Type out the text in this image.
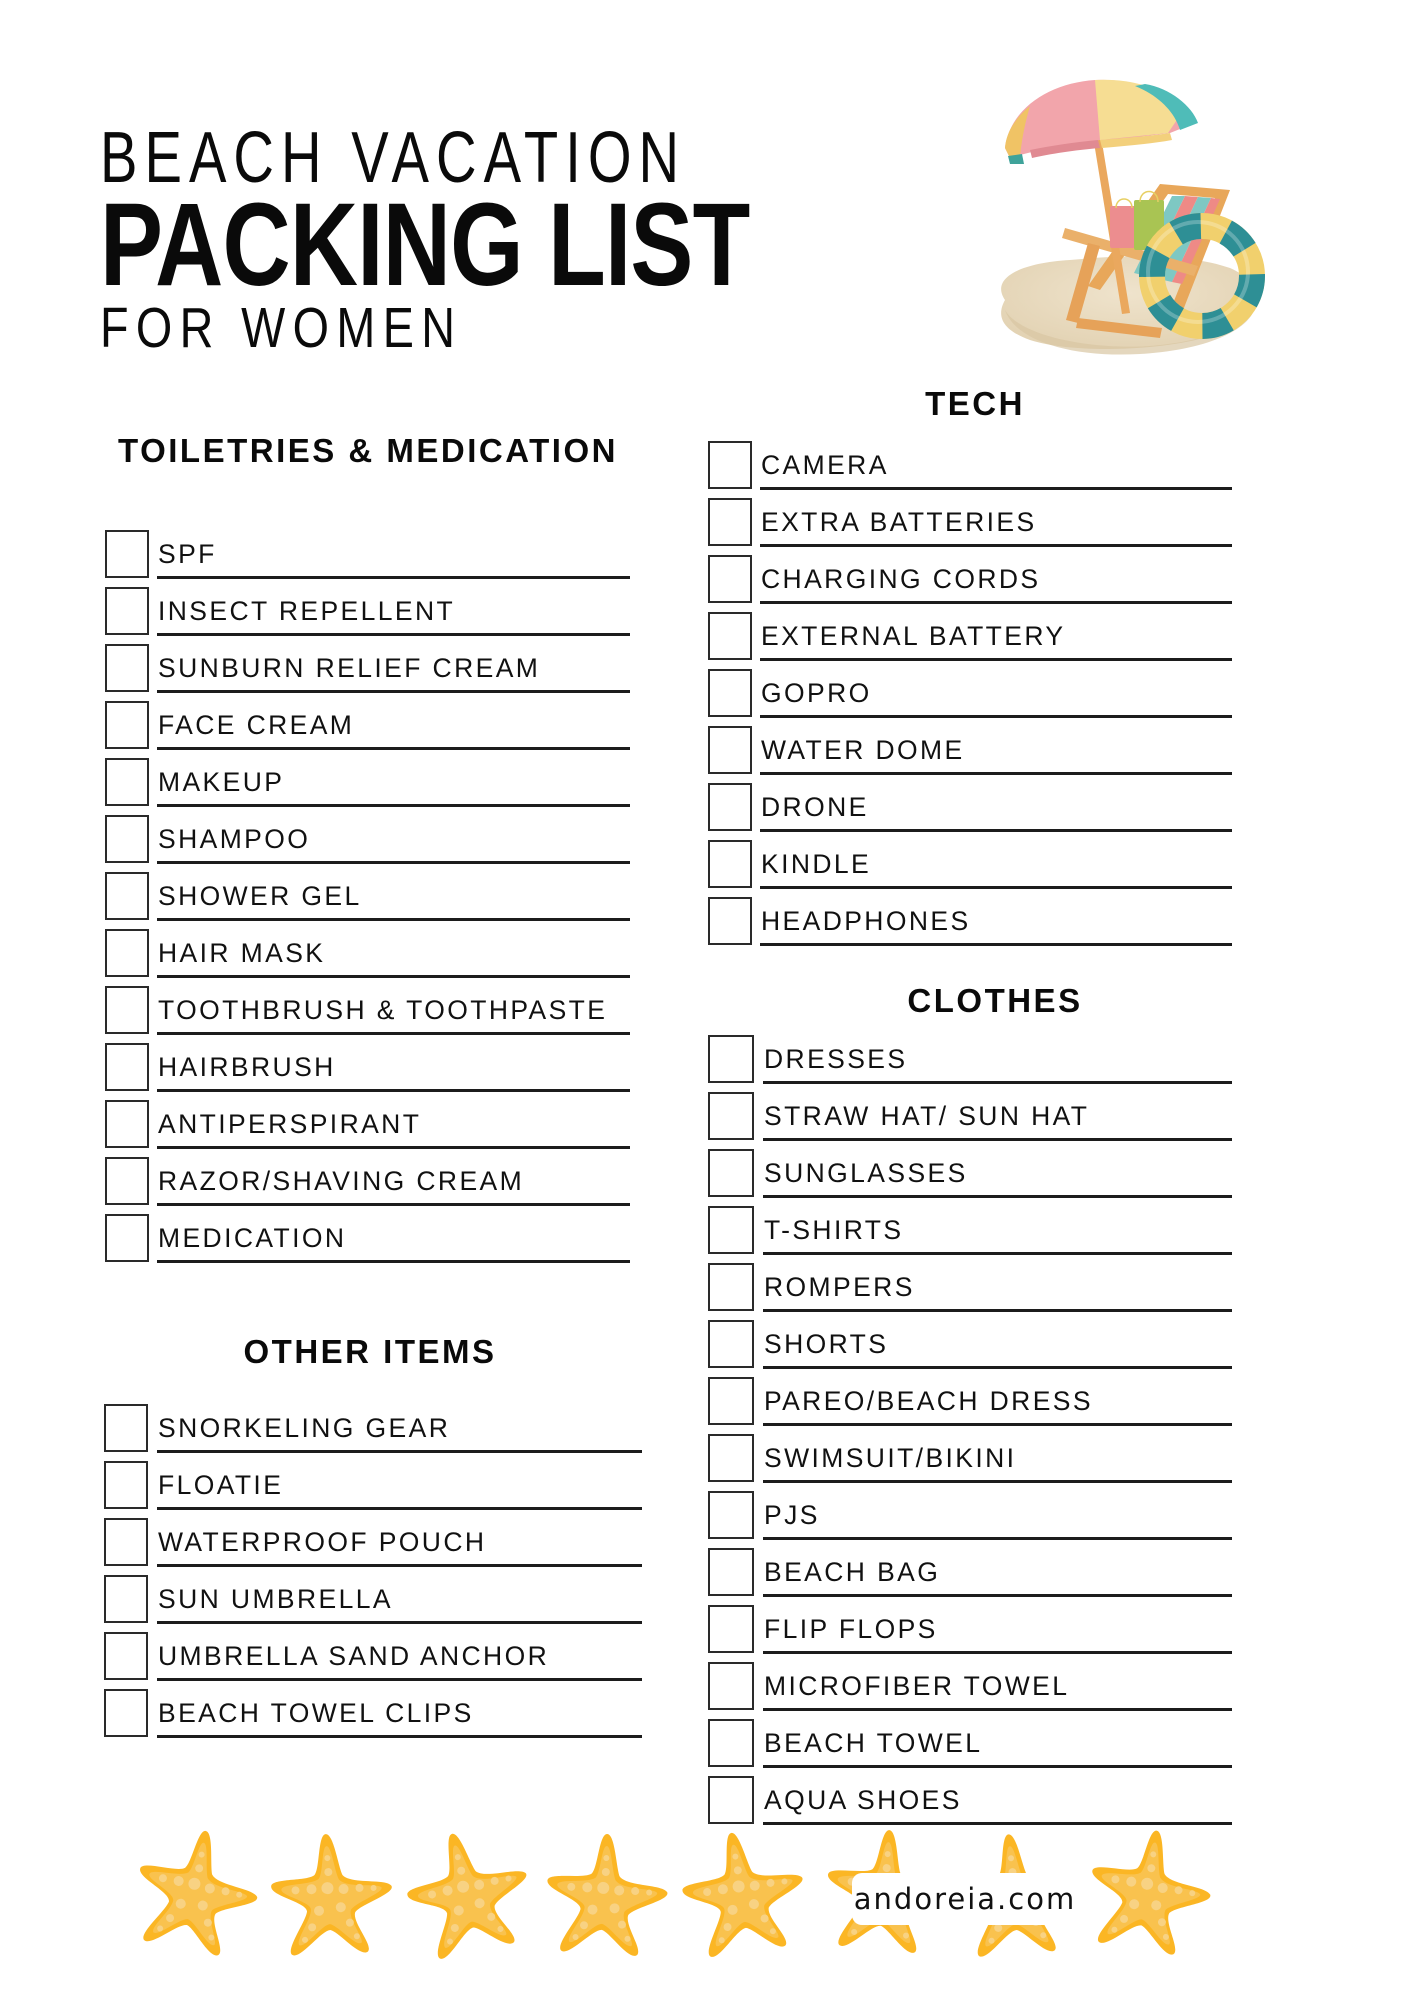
BEACH VACATION
PACKING LIST
FOR WOMEN
TOILETRIES & MEDICATION
SPF
INSECT REPELLENT
SUNBURN RELIEF CREAM
FACE CREAM
MAKEUP
SHAMPOO
SHOWER GEL
HAIR MASK
TOOTHBRUSH & TOOTHPASTE
HAIRBRUSH
ANTIPERSPIRANT
RAZOR/SHAVING CREAM
MEDICATION
OTHER ITEMS
SNORKELING GEAR
FLOATIE
WATERPROOF POUCH
SUN UMBRELLA
UMBRELLA SAND ANCHOR
BEACH TOWEL CLIPS
TECH
CAMERA
EXTRA BATTERIES
CHARGING CORDS
EXTERNAL BATTERY
GOPRO
WATER DOME
DRONE
KINDLE
HEADPHONES
CLOTHES
DRESSES
STRAW HAT/ SUN HAT
SUNGLASSES
T-SHIRTS
ROMPERS
SHORTS
PAREO/BEACH DRESS
SWIMSUIT/BIKINI
PJS
BEACH BAG
FLIP FLOPS
MICROFIBER TOWEL
BEACH TOWEL
AQUA SHOES
andoreia.com
